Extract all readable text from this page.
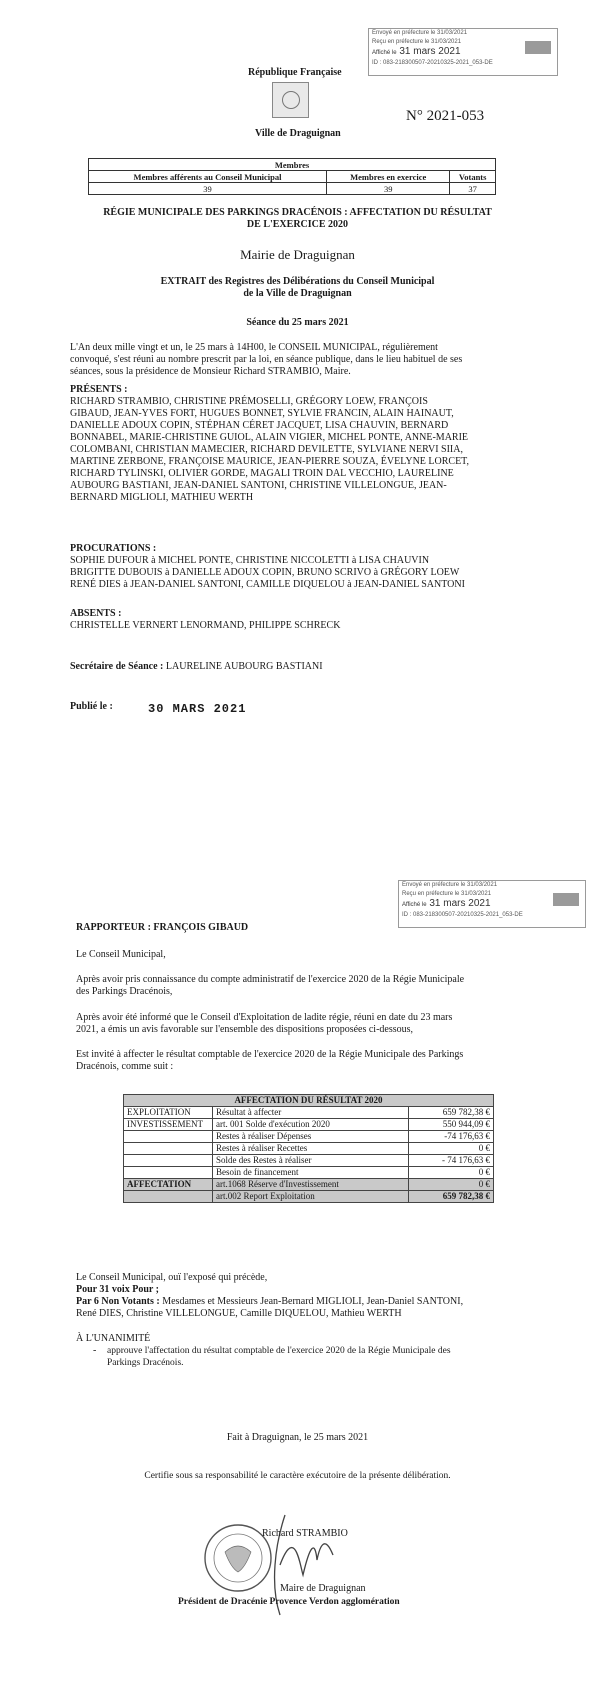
Envoyé en préfecture le 31/03/2021
Reçu en préfecture le 31/03/2021
Affiché le 31 mars 2021
ID : 083-218300507-20210325-2021_053-DE
République Française
Ville de Draguignan
N° 2021-053
Membres		
Membres afférents au Conseil Municipal	Membres en exercice	Votants
39	39	37
RÉGIE MUNICIPALE DES PARKINGS DRACÉNOIS : AFFECTATION DU RÉSULTAT
DE L'EXERCICE 2020
Mairie de Draguignan
EXTRAIT des Registres des Délibérations du Conseil Municipal
de la Ville de Draguignan
Séance du 25 mars 2021
L'An deux mille vingt et un, le 25 mars à 14H00, le CONSEIL MUNICIPAL, régulièrement
convoqué, s'est réuni au nombre prescrit par la loi, en séance publique, dans le lieu habituel de ses
séances, sous la présidence de Monsieur Richard STRAMBIO, Maire.
PRÉSENTS :
RICHARD STRAMBIO, CHRISTINE PRÉMOSELLI, GRÉGORY LOEW, FRANÇOIS
GIBAUD, JEAN-YVES FORT, HUGUES BONNET, SYLVIE FRANCIN, ALAIN HAINAUT,
DANIELLE ADOUX COPIN, STÉPHAN CÉRET JACQUET, LISA CHAUVIN, BERNARD
BONNABEL, MARIE-CHRISTINE GUIOL, ALAIN VIGIER, MICHEL PONTE, ANNE-MARIE
COLOMBANI, CHRISTIAN MAMECIER, RICHARD DEVILETTE, SYLVIANE NERVI SIIA,
MARTINE ZERBONE, FRANÇOISE MAURICE, JEAN-PIERRE SOUZA, ÉVELYNE LORCET,
RICHARD TYLINSKI, OLIVIER GORDE, MAGALI TROIN DAL VECCHIO, LAURELINE
AUBOURG BASTIANI, JEAN-DANIEL SANTONI, CHRISTINE VILLELONGUE, JEAN-
BERNARD MIGLIOLI, MATHIEU WERTH
PROCURATIONS :
SOPHIE DUFOUR à MICHEL PONTE, CHRISTINE NICCOLETTI à LISA CHAUVIN
BRIGITTE DUBOUIS à DANIELLE ADOUX COPIN, BRUNO SCRIVO à GRÉGORY LOEW
RENÉ DIES à JEAN-DANIEL SANTONI, CAMILLE DIQUELOU à JEAN-DANIEL SANTONI
ABSENTS :
CHRISTELLE VERNERT LENORMAND, PHILIPPE SCHRECK
Secrétaire de Séance : LAURELINE AUBOURG BASTIANI
Publié le :	30 MARS 2021
Envoyé en préfecture le 31/03/2021
Reçu en préfecture le 31/03/2021
Affiché le 31 mars 2021
ID : 083-218300507-20210325-2021_053-DE
RAPPORTEUR : FRANÇOIS GIBAUD
Le Conseil Municipal,
Après avoir pris connaissance du compte administratif de l'exercice 2020 de la Régie Municipale
des Parkings Dracénois,
Après avoir été informé que le Conseil d'Exploitation de ladite régie, réuni en date du 23 mars
2021, a émis un avis favorable sur l'ensemble des dispositions proposées ci-dessous,
Est invité à affecter le résultat comptable de l'exercice 2020 de la Régie Municipale des Parkings
Dracénois, comme suit :
AFFECTATION DU RÉSULTAT 2020		
EXPLOITATION	Résultat à affecter	659 782,38 €
INVESTISSEMENT	art. 001 Solde d'exécution 2020	550 944,09 €
	Restes à réaliser Dépenses	-74 176,63 €
	Restes à réaliser Recettes	0 €
	Solde des Restes à réaliser	- 74 176,63 €
	Besoin de financement	0 €
AFFECTATION	art.1068 Réserve d'Investissement	0 €
	art.002 Report Exploitation	659 782,38 €
Le Conseil Municipal, ouï l'exposé qui précède,
Pour 31 voix Pour ;
Par 6 Non Votants : Mesdames et Messieurs Jean-Bernard MIGLIOLI, Jean-Daniel SANTONI,
René DIES, Christine VILLELONGUE, Camille DIQUELOU, Mathieu WERTH
À L'UNANIMITÉ
- approuve l'affectation du résultat comptable de l'exercice 2020 de la Régie Municipale des
Parkings Dracénois.
Fait à Draguignan, le 25 mars 2021
Certifie sous sa responsabilité le caractère exécutoire de la présente délibération.
Richard STRAMBIO
Maire de Draguignan
Président de Dracénie Provence Verdon agglomération
